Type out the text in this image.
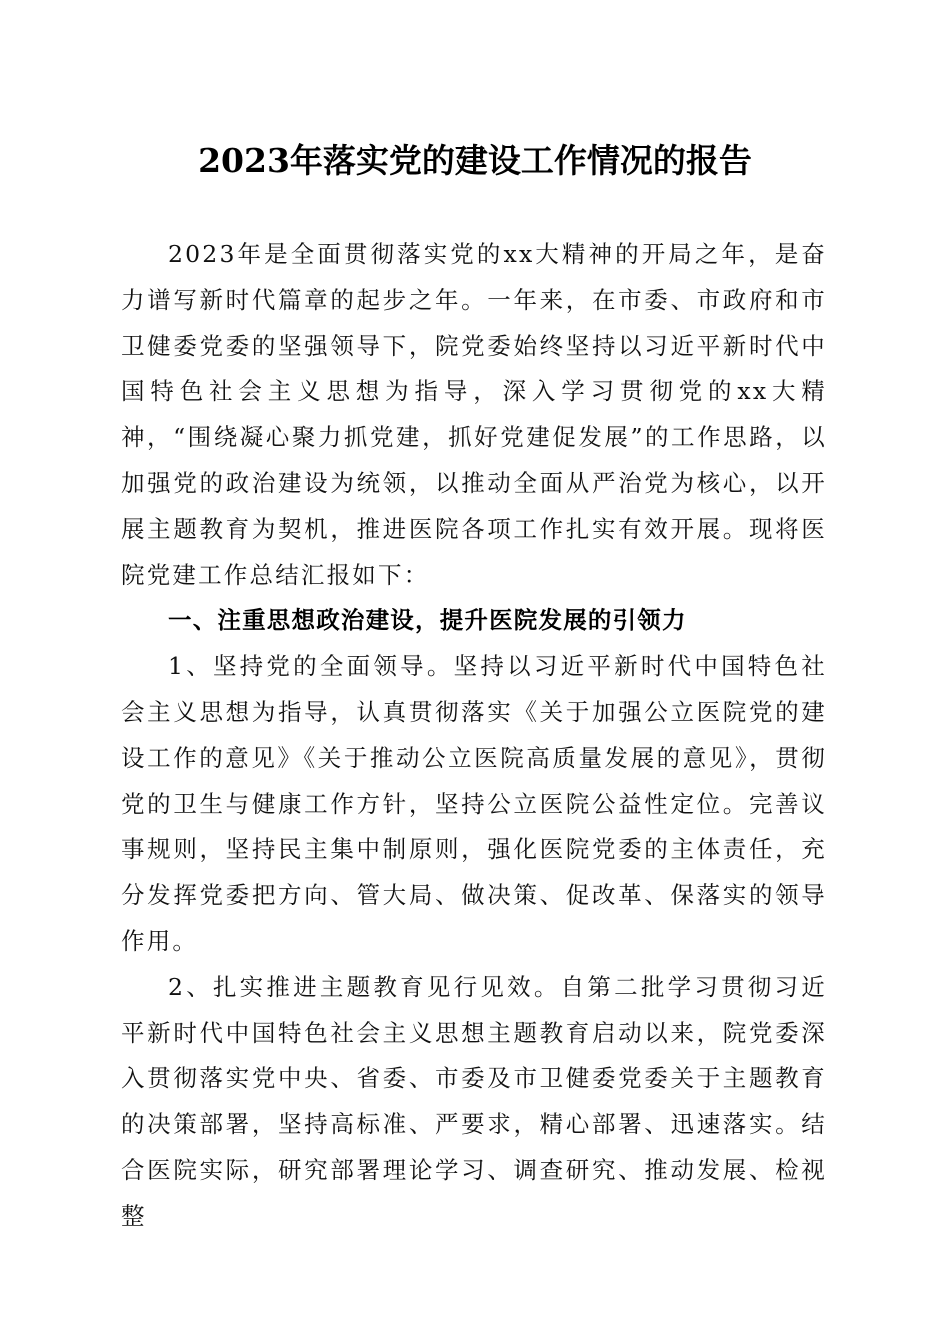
2023年落实党的建设工作情况的报告

2023年是全面贯彻落实党的xx大精神的开局之年，是奋力谱写新时代篇章的起步之年。一年来，在市委、市政府和市卫健委党委的坚强领导下，院党委始终坚持以习近平新时代中国特色社会主义思想为指导，深入学习贯彻党的xx大精神，“围绕凝心聚力抓党建，抓好党建促发展”的工作思路，以加强党的政治建设为统领，以推动全面从严治党为核心，以开展主题教育为契机，推进医院各项工作扎实有效开展。现将医院党建工作总结汇报如下：

一、注重思想政治建设，提升医院发展的引领力

1、坚持党的全面领导。坚持以习近平新时代中国特色社会主义思想为指导，认真贯彻落实《关于加强公立医院党的建设工作的意见》《关于推动公立医院高质量发展的意见》，贯彻党的卫生与健康工作方针，坚持公立医院公益性定位。完善议事规则，坚持民主集中制原则，强化医院党委的主体责任，充分发挥党委把方向、管大局、做决策、促改革、保落实的领导作用。

2、扎实推进主题教育见行见效。自第二批学习贯彻习近平新时代中国特色社会主义思想主题教育启动以来，院党委深入贯彻落实党中央、省委、市委及市卫健委党委关于主题教育的决策部署，坚持高标准、严要求，精心部署、迅速落实。结合医院实际，研究部署理论学习、调查研究、推动发展、检视整
